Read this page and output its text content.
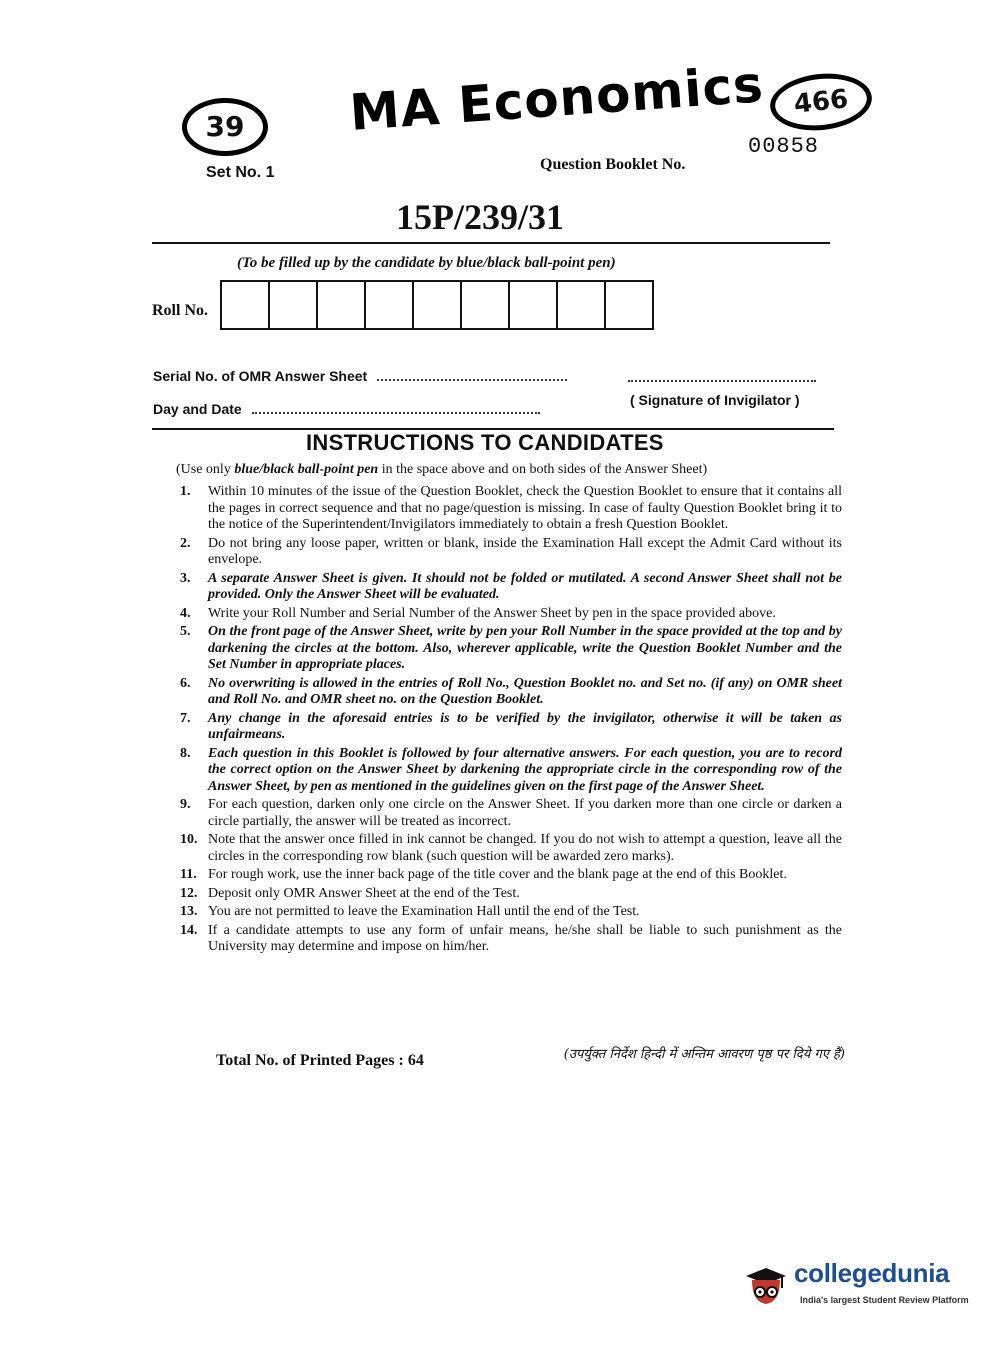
39	MA Economics	466
Set No. 1	Question Booklet No.
00858
15P/239/31
(To be filled up by the candidate by blue/black ball-point pen)
Roll No.
Serial No. of OMR Answer Sheet
Day and Date
( Signature of Invigilator )
INSTRUCTIONS TO CANDIDATES
(Use only blue/black ball-point pen in the space above and on both sides of the Answer Sheet)
1.	Within 10 minutes of the issue of the Question Booklet, check the Question Booklet to ensure that it contains all the pages in correct sequence and that no page/question is missing. In case of faulty Question Booklet bring it to the notice of the Superintendent/Invigilators immediately to obtain a fresh Question Booklet.
2.	Do not bring any loose paper, written or blank, inside the Examination Hall except the Admit Card without its envelope.
3.	A separate Answer Sheet is given. It should not be folded or mutilated. A second Answer Sheet shall not be provided. Only the Answer Sheet will be evaluated.
4.	Write your Roll Number and Serial Number of the Answer Sheet by pen in the space provided above.
5.	On the front page of the Answer Sheet, write by pen your Roll Number in the space provided at the top and by darkening the circles at the bottom. Also, wherever applicable, write the Question Booklet Number and the Set Number in appropriate places.
6.	No overwriting is allowed in the entries of Roll No., Question Booklet no. and Set no. (if any) on OMR sheet and Roll No. and OMR sheet no. on the Question Booklet.
7.	Any change in the aforesaid entries is to be verified by the invigilator, otherwise it will be taken as unfairmeans.
8.	Each question in this Booklet is followed by four alternative answers. For each question, you are to record the correct option on the Answer Sheet by darkening the appropriate circle in the corresponding row of the Answer Sheet, by pen as mentioned in the guidelines given on the first page of the Answer Sheet.
9.	For each question, darken only one circle on the Answer Sheet. If you darken more than one circle or darken a circle partially, the answer will be treated as incorrect.
10. Note that the answer once filled in ink cannot be changed. If you do not wish to attempt a question, leave all the circles in the corresponding row blank (such question will be awarded zero marks).
11. For rough work, use the inner back page of the title cover and the blank page at the end of this Booklet.
12. Deposit only OMR Answer Sheet at the end of the Test.
13. You are not permitted to leave the Examination Hall until the end of the Test.
14. If a candidate attempts to use any form of unfair means, he/she shall be liable to such punishment as the University may determine and impose on him/her.
Total No. of Printed Pages : 64	(उपर्युक्त निर्देश हिन्दी में अन्तिम आवरण पृष्ठ पर दिये गए हैं)
collegedunia
India's largest Student Review Platform
